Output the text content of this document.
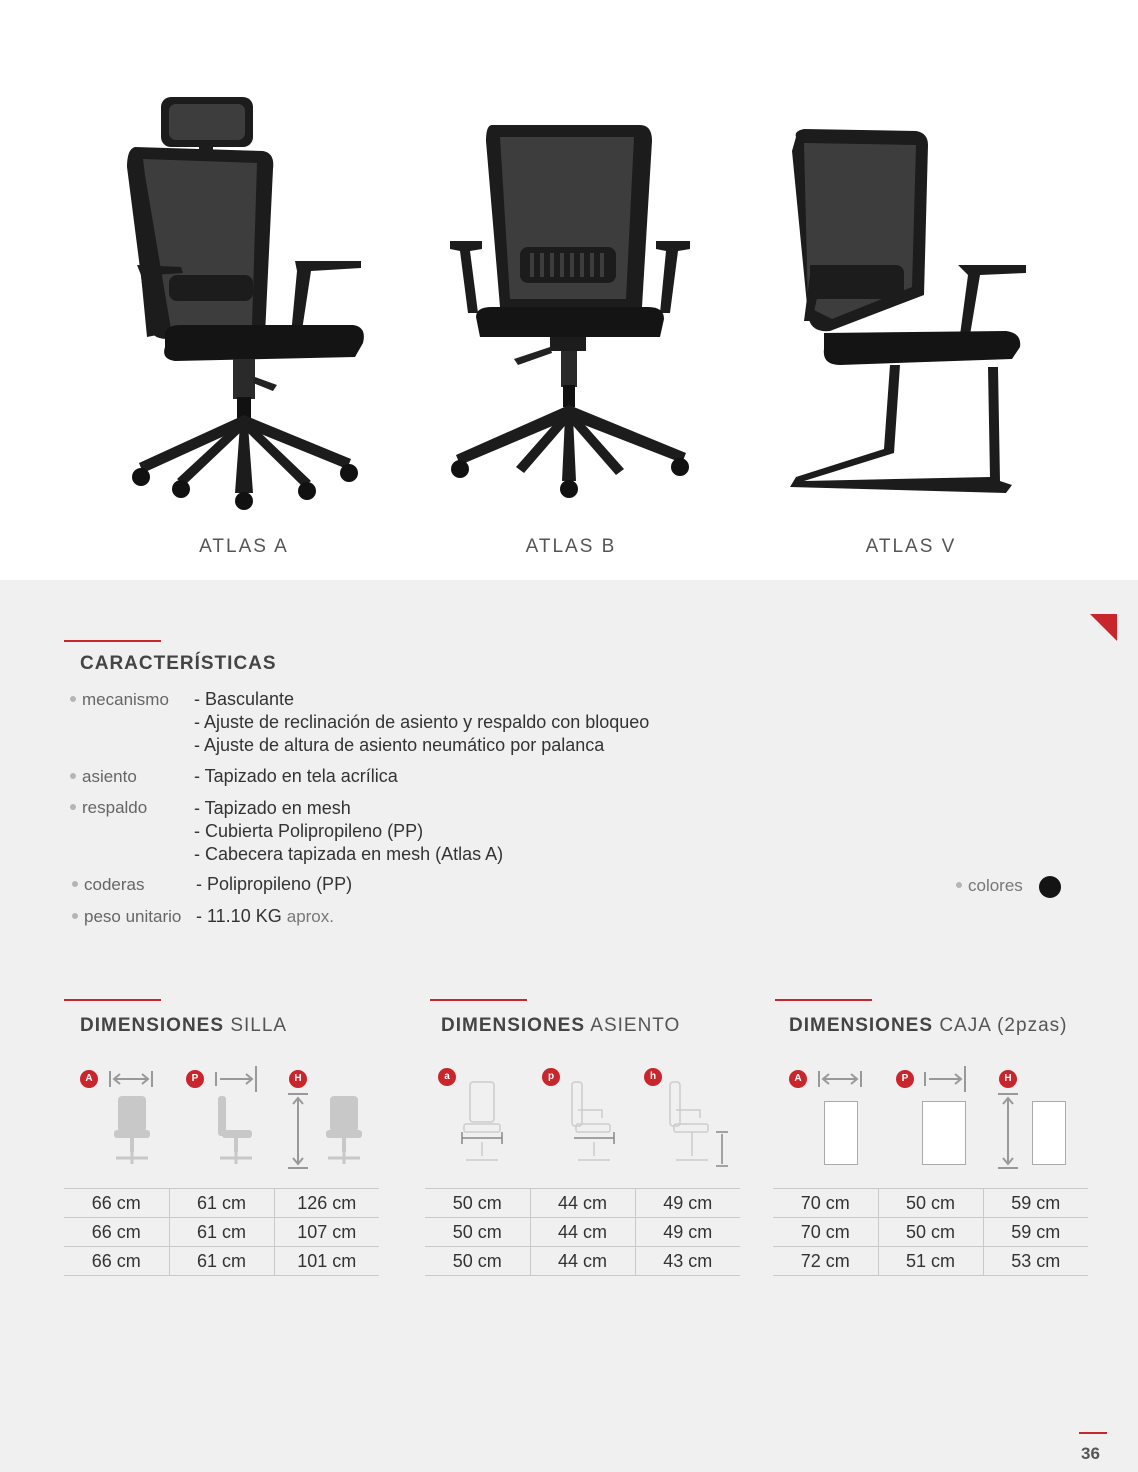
ATLAS A	ATLAS B	ATLAS V
CARACTERÍSTICAS
mecanismo - Basculante
- Ajuste de reclinación de asiento y respaldo con bloqueo
- Ajuste de altura de asiento neumático por palanca
asiento	- Tapizado en tela acrílica
respaldo	- Tapizado en mesh
- Cubierta Polipropileno (PP)
- Cabecera tapizada en mesh (Atlas A)
coderas	- Polipropileno (PP)
peso unitario - 11.10 KG aprox.
colores
DIMENSIONES SILLA
A	P	H
66 cm	61 cm	126 cm
66 cm	61 cm	107 cm
66 cm	61 cm	101 cm
DIMENSIONES ASIENTO
a	p	h
50 cm	44 cm	49 cm
50 cm	44 cm	49 cm
50 cm	44 cm	43 cm
DIMENSIONES CAJA (2pzas)
A	P	H
70 cm	50 cm	59 cm
70 cm	50 cm	59 cm
72 cm	51 cm	53 cm
36
